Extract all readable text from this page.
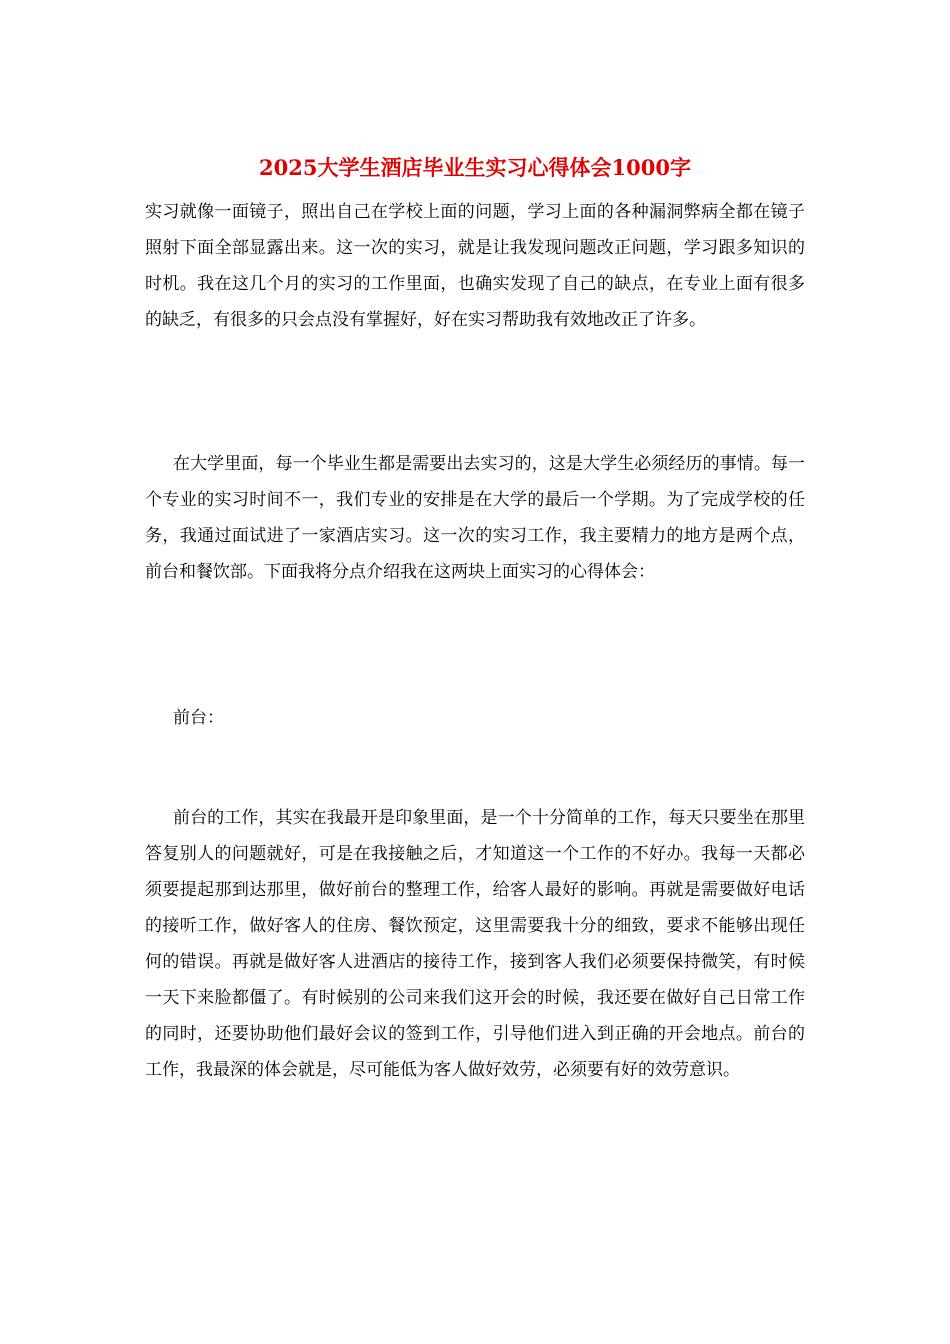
2025大学生酒店毕业生实习心得体会1000字

实习就像一面镜子，照出自己在学校上面的问题，学习上面的各种漏洞弊病全都在镜子照射下面全部显露出来。这一次的实习，就是让我发现问题改正问题，学习跟多知识的时机。我在这几个月的实习的工作里面，也确实发现了自己的缺点，在专业上面有很多的缺乏，有很多的只会点没有掌握好，好在实习帮助我有效地改正了许多。

在大学里面，每一个毕业生都是需要出去实习的，这是大学生必须经历的事情。每一个专业的实习时间不一，我们专业的安排是在大学的最后一个学期。为了完成学校的任务，我通过面试进了一家酒店实习。这一次的实习工作，我主要精力的地方是两个点，前台和餐饮部。下面我将分点介绍我在这两块上面实习的心得体会：

前台：

前台的工作，其实在我最开是印象里面，是一个十分简单的工作，每天只要坐在那里答复别人的问题就好，可是在我接触之后，才知道这一个工作的不好办。我每一天都必须要提起那到达那里，做好前台的整理工作，给客人最好的影响。再就是需要做好电话的接听工作，做好客人的住房、餐饮预定，这里需要我十分的细致，要求不能够出现任何的错误。再就是做好客人进酒店的接待工作，接到客人我们必须要保持微笑，有时候一天下来脸都僵了。有时候别的公司来我们这开会的时候，我还要在做好自己日常工作的同时，还要协助他们最好会议的签到工作，引导他们进入到正确的开会地点。前台的工作，我最深的体会就是，尽可能低为客人做好效劳，必须要有好的效劳意识。
